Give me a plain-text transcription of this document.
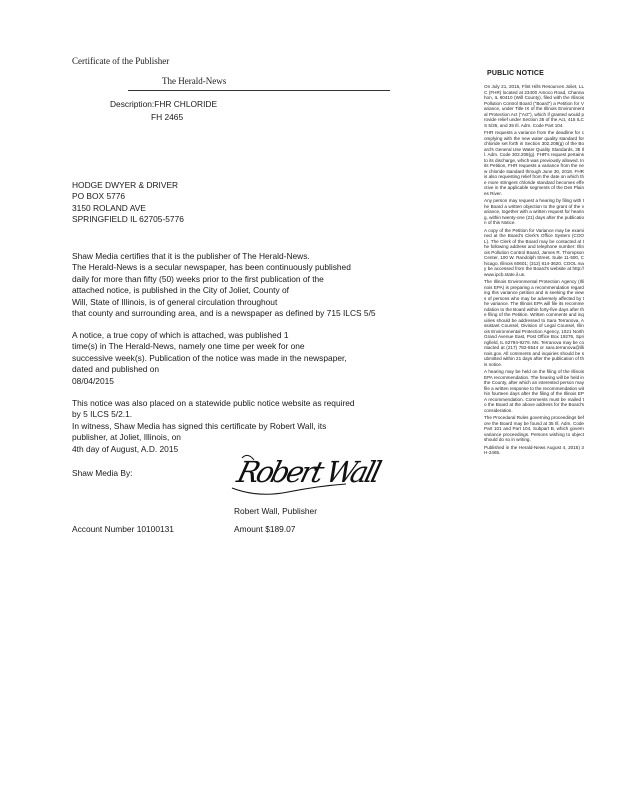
Certificate of the Publisher
The Herald-News
Description:FHR CHLORIDE
FH 2465
HODGE DWYER & DRIVER
PO BOX 5776
3150 ROLAND AVE
SPRINGFIELD IL 62705-5776
Shaw Media certifies that it is the publisher of The Herald-News.
The Herald-News is a secular newspaper, has been continuously published
daily for more than fifty (50) weeks prior to the first publication of the
attached notice, is published in the City of Joliet, County of
Will, State of Illinois, is of general circulation throughout
that county and surrounding area, and is a newspaper as defined by 715 ILCS 5/5
A notice, a true copy of which is attached, was published 1
time(s) in The Herald-News, namely one time per week for one
successive week(s). Publication of the notice was made in the newspaper,
dated and published on
08/04/2015
This notice was also placed on a statewide public notice website as required
by 5 ILCS 5/2.1.
In witness, Shaw Media has signed this certificate by Robert Wall, its
publisher, at Joliet, Illinois, on
4th day of August, A.D. 2015
Shaw Media By:	Robert Wall
Robert Wall, Publisher
Account Number 10100131	Amount $189.07
PUBLIC NOTICE

On July 21, 2015, Flint Hills Resources Joliet, LLC (FHR) located at 23400 Amoco Road, Channahon, IL 60410 (Will County), filed with the Illinois Pollution Control Board ("Board") a Petition for Variance, under Title IX of the Illinois Environmental Protection Act ("Act"), which if granted would provide relief under Section 35 of the Act, 415 ILCS 5/35, and 35 Ill. Adm. Code Part 104.

FHR requests a variance from the deadline for complying with the new water quality standard for chloride set forth in Section 302.208(g) of the Board's General Use Water Quality Standards, 35 Ill. Adm. Code 302.208(g). FHR's request pertains to its discharge, which was previously allowed. In its Petition, FHR requests a variance from the new chloride standard through June 30, 2018. FHR is also requesting relief from the date on which the more stringent chloride standard becomes effective in the applicable segments of the Des Plaines River.

Any person may request a hearing by filing with the Board a written objection to the grant of the variance, together with a written request for hearing, within twenty-one (21) days after the publication of this Notice.

A copy of the Petition for Variance may be examined at the Board's Clerk's Office System (COOL). The Clerk of the Board may be contacted at the following address and telephone number: Illinois Pollution Control Board, James R. Thompson Center, 100 W. Randolph Street, Suite 11-500, Chicago, Illinois 60601; (312) 814-3620. COOL may be accessed from the Board's website at http://www.ipcb.state.il.us.

The Illinois Environmental Protection Agency (Illinois EPA) is preparing a recommendation regarding this variance petition and is seeking the views of persons who may be adversely affected by the variance. The Illinois EPA will file its recommendation to the Board within forty-five days after the filing of the Petition. Written comments and inquiries should be addressed to Sara Terranova, Assistant Counsel, Division of Legal Counsel, Illinois Environmental Protection Agency, 1021 North Grand Avenue East, Post Office Box 19276, Springfield, IL 62794-9276. Ms. Terranova may be contacted at (217) 782-5544 or sara.terranova@illinois.gov. All comments and inquiries should be submitted within 21 days after the publication of this notice.

A hearing may be held on the filing of the Illinois EPA recommendation. The hearing will be held in the County, after which an interested person may file a written response to the recommendation within fourteen days after the filing of the Illinois EPA recommendation. Comments must be mailed to the Board at the above address for the Board's consideration.

The Procedural Rules governing proceedings before the Board may be found at 35 Ill. Adm. Code Part 101 and Part 104, Subpart B, which govern variance proceedings. Persons wishing to object should do so in writing.

Published in the Herald-News August 4, 2015) 3H-2465.
